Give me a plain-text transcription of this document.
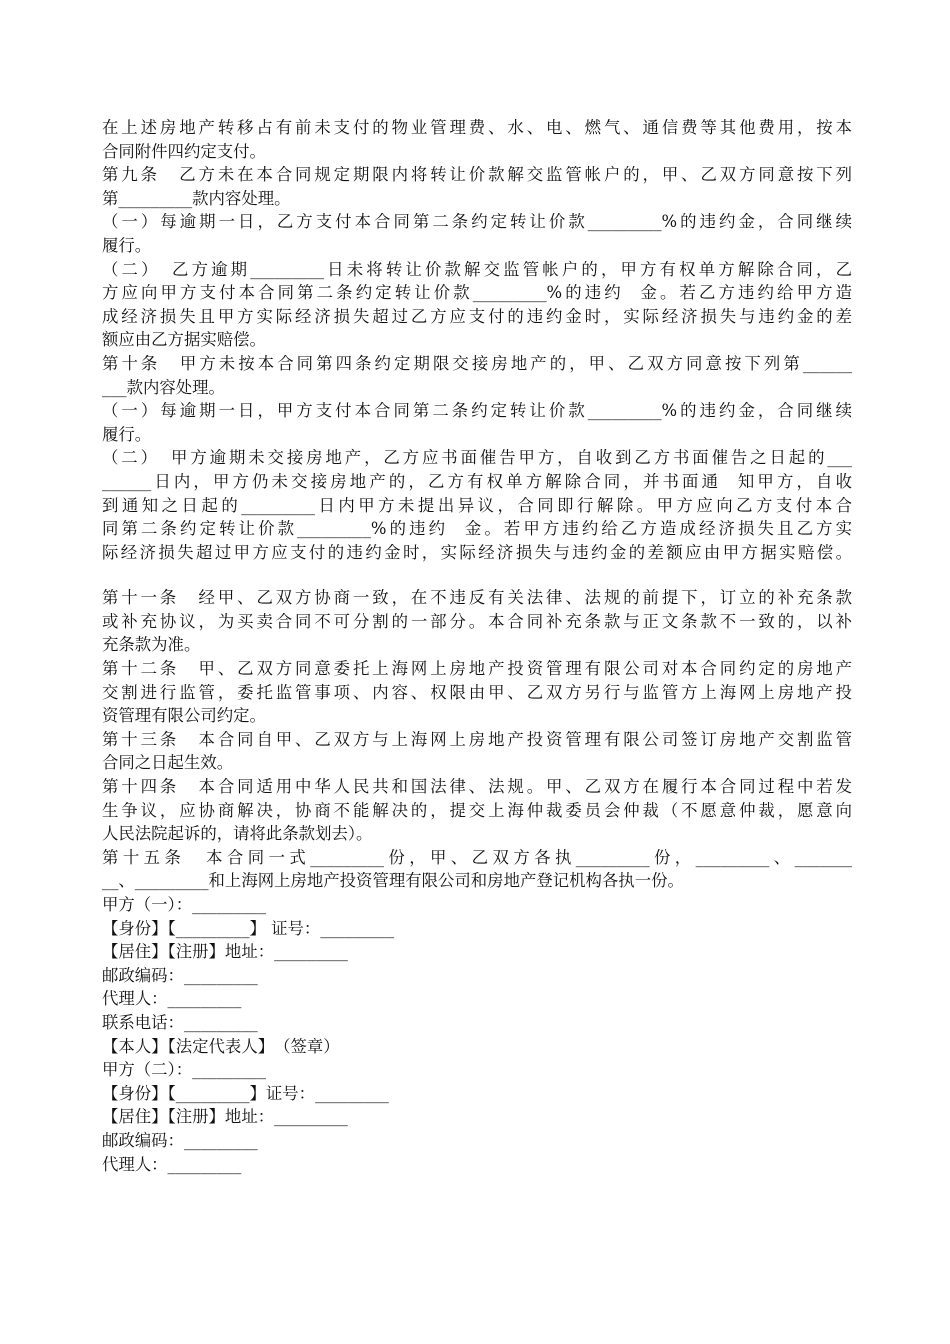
在上述房地产转移占有前未支付的物业管理费、水、电、燃气、通信费等其他费用，按本
合同附件四约定支付。
第九条　乙方未在本合同规定期限内将转让价款解交监管帐户的，甲、乙双方同意按下列
第_________款内容处理。
（一）每逾期一日，乙方支付本合同第二条约定转让价款_________%的违约金，合同继续
履行。
（二）　乙方逾期_________日未将转让价款解交监管帐户的，甲方有权单方解除合同，乙
方应向甲方支付本合同第二条约定转让价款_________%的违约  金。若乙方违约给甲方造
成经济损失且甲方实际经济损失超过乙方应支付的违约金时，实际经济损失与违约金的差
额应由乙方据实赔偿。
第十条　甲方未按本合同第四条约定期限交接房地产的，甲、乙双方同意按下列第______
___款内容处理。
（一）每逾期一日，甲方支付本合同第二条约定转让价款_________%的违约金，合同继续
履行。
（二）　甲方逾期未交接房地产，乙方应书面催告甲方，自收到乙方书面催告之日起的___
______日内，甲方仍未交接房地产的，乙方有权单方解除合同，并书面通  知甲方，自收
到通知之日起的_________日内甲方未提出异议，合同即行解除。甲方应向乙方支付本合
同第二条约定转让价款_________%的违约  金。若甲方违约给乙方造成经济损失且乙方实
际经济损失超过甲方应支付的违约金时，实际经济损失与违约金的差额应由甲方据实赔偿。
第十一条　经甲、乙双方协商一致，在不违反有关法律、法规的前提下，订立的补充条款
或补充协议，为买卖合同不可分割的一部分。本合同补充条款与正文条款不一致的，以补
充条款为准。
第十二条　甲、乙双方同意委托上海网上房地产投资管理有限公司对本合同约定的房地产
交割进行监管，委托监管事项、内容、权限由甲、乙双方另行与监管方上海网上房地产投
资管理有限公司约定。
第十三条　本合同自甲、乙双方与上海网上房地产投资管理有限公司签订房地产交割监管
合同之日起生效。
第十四条　本合同适用中华人民共和国法律、法规。甲、乙双方在履行本合同过程中若发
生争议，应协商解决，协商不能解决的，提交上海仲裁委员会仲裁（不愿意仲裁，愿意向
人民法院起诉的，请将此条款划去）。
第十五条　本合同一式_________份，甲、乙双方各执_________份，_________、_______
__、_________和上海网上房地产投资管理有限公司和房地产登记机构各执一份。
甲方（一）：_________
【身份】【_________】 证号：_________
【居住】【注册】地址：_________
邮政编码：_________
代理人：_________
联系电话：_________
【本人】【法定代表人】　（签章）
甲方（二）：_________
【身份】【_________】证号：_________
【居住】【注册】地址：_________
邮政编码：_________
代理人：_________
